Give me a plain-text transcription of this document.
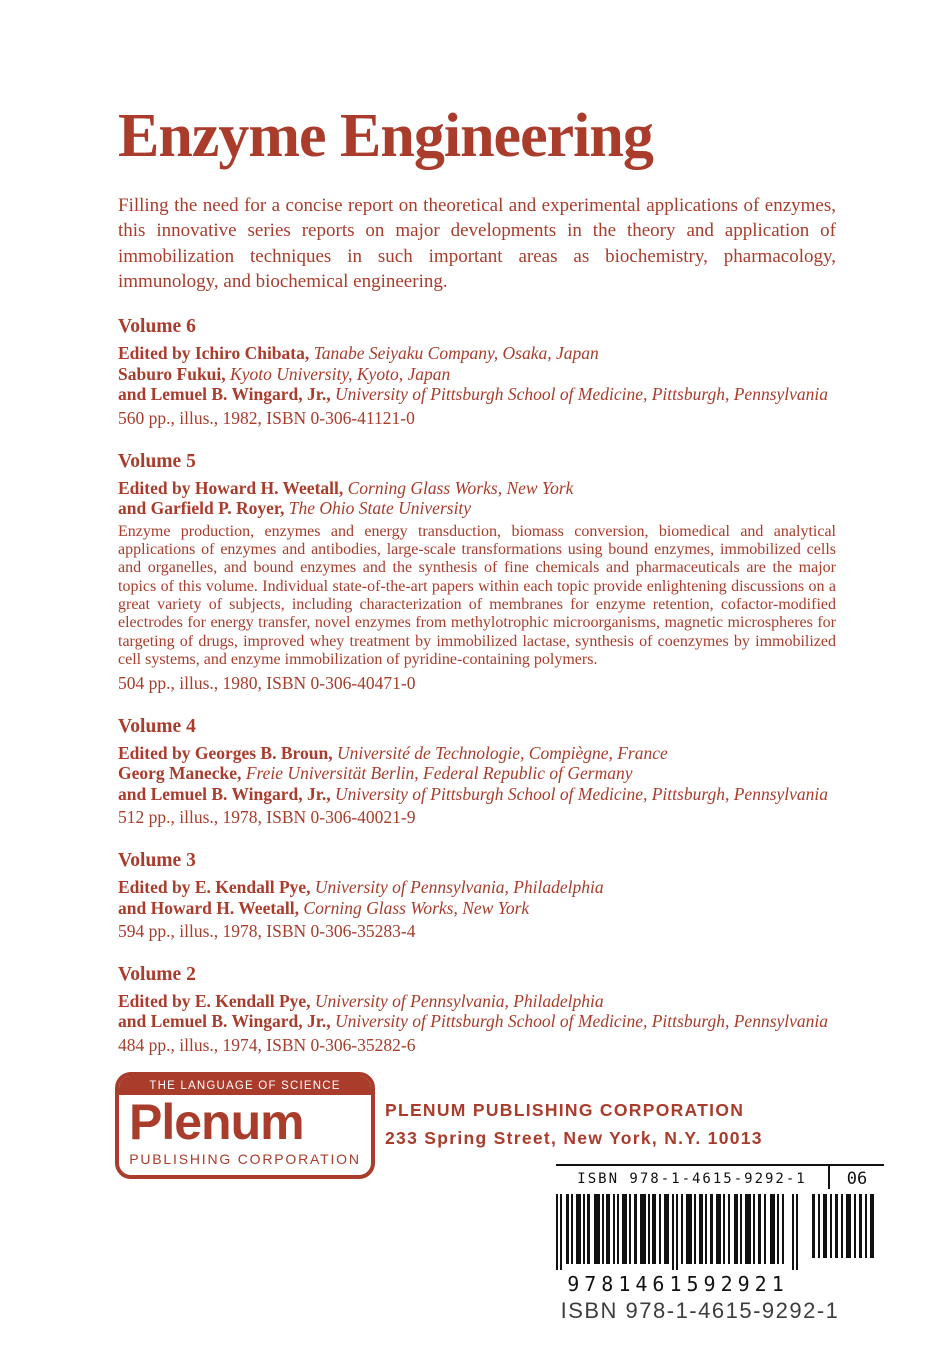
Enzyme Engineering

Filling the need for a concise report on theoretical and experimental applications of enzymes, this innovative series reports on major developments in the theory and application of immobilization techniques in such important areas as biochemistry, pharmacology, immunology, and biochemical engineering.

Volume 6

Edited by Ichiro Chibata, Tanabe Seiyaku Company, Osaka, Japan

Saburo Fukui, Kyoto University, Kyoto, Japan

and Lemuel B. Wingard, Jr., University of Pittsburgh School of Medicine, Pittsburgh, Pennsylvania

560 pp., illus., 1982, ISBN 0-306-41121-0

Volume 5

Edited by Howard H. Weetall, Corning Glass Works, New York

and Garfield P. Royer, The Ohio State University

Enzyme production, enzymes and energy transduction, biomass conversion, biomedical and analytical applications of enzymes and antibodies, large-scale transformations using bound enzymes, immobilized cells and organelles, and bound enzymes and the synthesis of fine chemicals and pharmaceuticals are the major topics of this volume. Individual state-of-the-art papers within each topic provide enlightening discussions on a great variety of subjects, including characterization of membranes for enzyme retention, cofactor-modified electrodes for energy transfer, novel enzymes from methylotrophic microorganisms, magnetic microspheres for targeting of drugs, improved whey treatment by immobilized lactase, synthesis of coenzymes by immobilized cell systems, and enzyme immobilization of pyridine-containing polymers.

504 pp., illus., 1980, ISBN 0-306-40471-0

Volume 4

Edited by Georges B. Broun, Université de Technologie, Compiègne, France

Georg Manecke, Freie Universität Berlin, Federal Republic of Germany

and Lemuel B. Wingard, Jr., University of Pittsburgh School of Medicine, Pittsburgh, Pennsylvania

512 pp., illus., 1978, ISBN 0-306-40021-9

Volume 3

Edited by E. Kendall Pye, University of Pennsylvania, Philadelphia

and Howard H. Weetall, Corning Glass Works, New York

594 pp., illus., 1978, ISBN 0-306-35283-4

Volume 2

Edited by E. Kendall Pye, University of Pennsylvania, Philadelphia

and Lemuel B. Wingard, Jr., University of Pittsburgh School of Medicine, Pittsburgh, Pennsylvania

484 pp., illus., 1974, ISBN 0-306-35282-6

THE LANGUAGE OF SCIENCE
Plenum
PUBLISHING CORPORATION
PLENUM PUBLISHING CORPORATION
233 Spring Street, New York, N.Y. 10013
ISBN 978-1-4615-9292-1	06
9781461592921
ISBN 978-1-4615-9292-1
